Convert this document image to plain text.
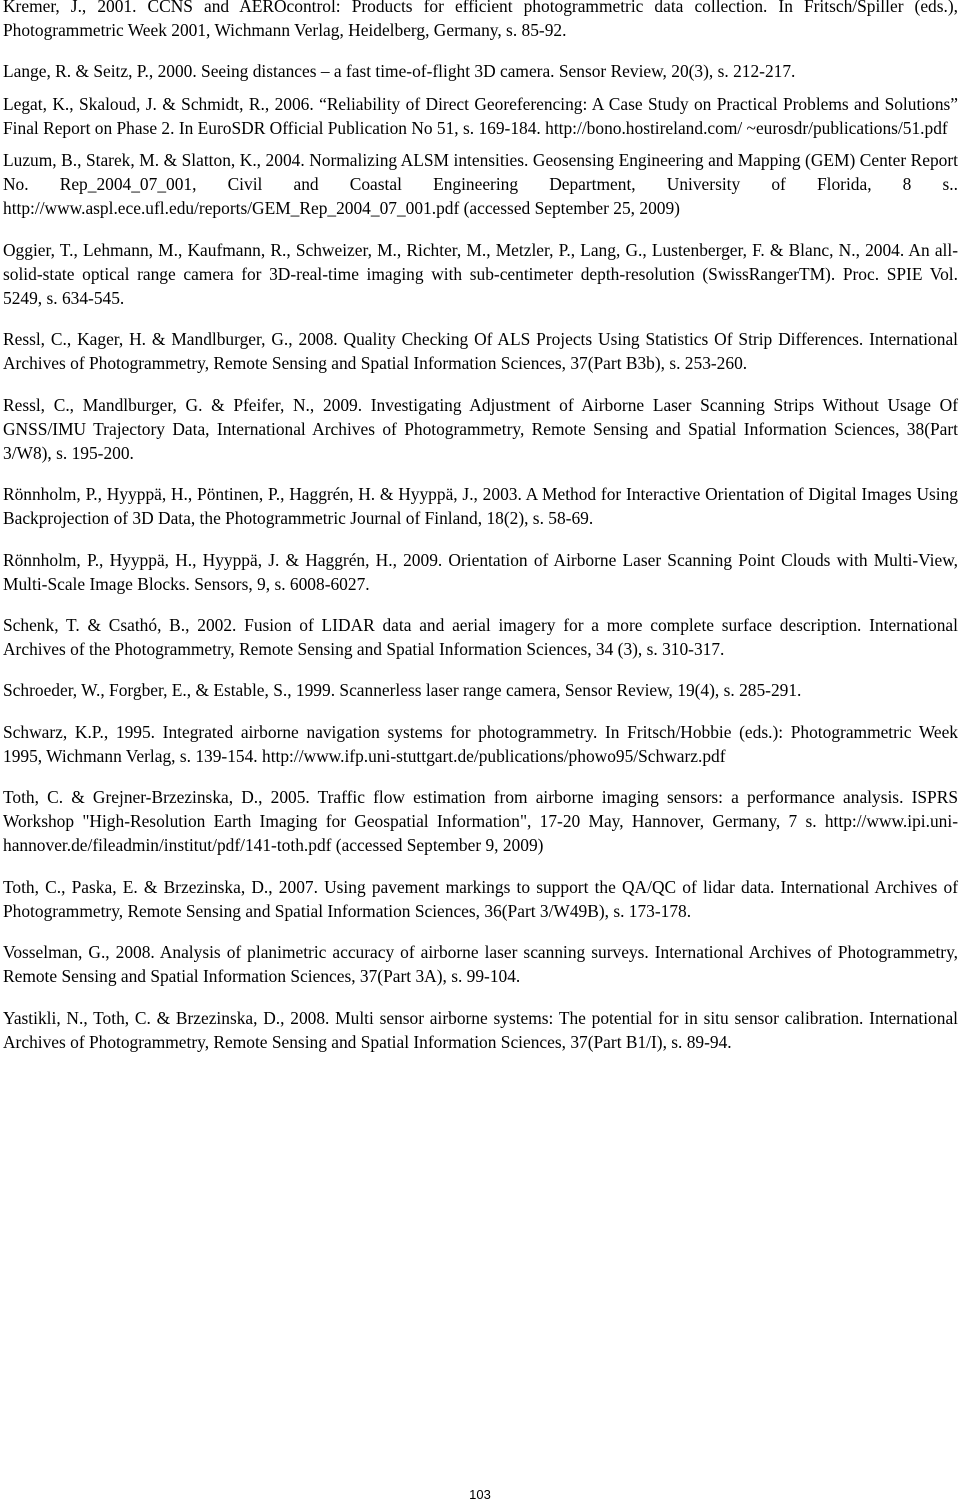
Kremer, J., 2001. CCNS and AEROcontrol: Products for efficient photogrammetric data collection. In Fritsch/Spiller (eds.), Photogrammetric Week 2001, Wichmann Verlag, Heidelberg, Germany, s. 85-92.

Lange, R. & Seitz, P., 2000. Seeing distances – a fast time-of-flight 3D camera. Sensor Review, 20(3), s. 212-217.

Legat, K., Skaloud, J. & Schmidt, R., 2006. “Reliability of Direct Georeferencing: A Case Study on Practical Problems and Solutions” Final Report on Phase 2. In EuroSDR Official Publication No 51, s. 169-184. http://bono.hostireland.com/ ~eurosdr/publications/51.pdf

Luzum, B., Starek, M. & Slatton, K., 2004. Normalizing ALSM intensities. Geosensing Engineering and Mapping (GEM) Center Report No. Rep_2004_07_001, Civil and Coastal Engineering Department, University of Florida, 8 s.. http://www.aspl.ece.ufl.edu/reports/GEM_Rep_2004_07_001.pdf (accessed September 25, 2009)

Oggier, T., Lehmann, M., Kaufmann, R., Schweizer, M., Richter, M., Metzler, P., Lang, G., Lustenberger, F. & Blanc, N., 2004. An all-solid-state optical range camera for 3D-real-time imaging with sub-centimeter depth-resolution (SwissRangerTM). Proc. SPIE Vol. 5249, s. 634-545.

Ressl, C., Kager, H. & Mandlburger, G., 2008. Quality Checking Of ALS Projects Using Statistics Of Strip Differences. International Archives of Photogrammetry, Remote Sensing and Spatial Information Sciences, 37(Part B3b), s. 253-260.

Ressl, C., Mandlburger, G. & Pfeifer, N., 2009. Investigating Adjustment of Airborne Laser Scanning Strips Without Usage Of GNSS/IMU Trajectory Data, International Archives of Photogrammetry, Remote Sensing and Spatial Information Sciences, 38(Part 3/W8), s. 195-200.

Rönnholm, P., Hyyppä, H., Pöntinen, P., Haggrén, H. & Hyyppä, J., 2003. A Method for Interactive Orientation of Digital Images Using Backprojection of 3D Data, the Photogrammetric Journal of Finland, 18(2), s. 58-69.

Rönnholm, P., Hyyppä, H., Hyyppä, J. & Haggrén, H., 2009. Orientation of Airborne Laser Scanning Point Clouds with Multi-View, Multi-Scale Image Blocks. Sensors, 9, s. 6008-6027.

Schenk, T. & Csathó, B., 2002. Fusion of LIDAR data and aerial imagery for a more complete surface description. International Archives of the Photogrammetry, Remote Sensing and Spatial Information Sciences, 34 (3), s. 310-317.

Schroeder, W., Forgber, E., & Estable, S., 1999. Scannerless laser range camera, Sensor Review, 19(4), s. 285-291.

Schwarz, K.P., 1995. Integrated airborne navigation systems for photogrammetry. In Fritsch/Hobbie (eds.): Photogrammetric Week 1995, Wichmann Verlag, s. 139-154. http://www.ifp.uni-stuttgart.de/publications/phowo95/Schwarz.pdf

Toth, C. & Grejner-Brzezinska, D., 2005. Traffic flow estimation from airborne imaging sensors: a performance analysis. ISPRS Workshop "High-Resolution Earth Imaging for Geospatial Information", 17-20 May, Hannover, Germany, 7 s. http://www.ipi.uni-hannover.de/fileadmin/institut/pdf/141-toth.pdf (accessed September 9, 2009)

Toth, C., Paska, E. & Brzezinska, D., 2007. Using pavement markings to support the QA/QC of lidar data. International Archives of Photogrammetry, Remote Sensing and Spatial Information Sciences, 36(Part 3/W49B), s. 173-178.

Vosselman, G., 2008. Analysis of planimetric accuracy of airborne laser scanning surveys. International Archives of Photogrammetry, Remote Sensing and Spatial Information Sciences, 37(Part 3A), s. 99-104.

Yastikli, N., Toth, C. & Brzezinska, D., 2008. Multi sensor airborne systems: The potential for in situ sensor calibration. International Archives of Photogrammetry, Remote Sensing and Spatial Information Sciences, 37(Part B1/I), s. 89-94.

103
